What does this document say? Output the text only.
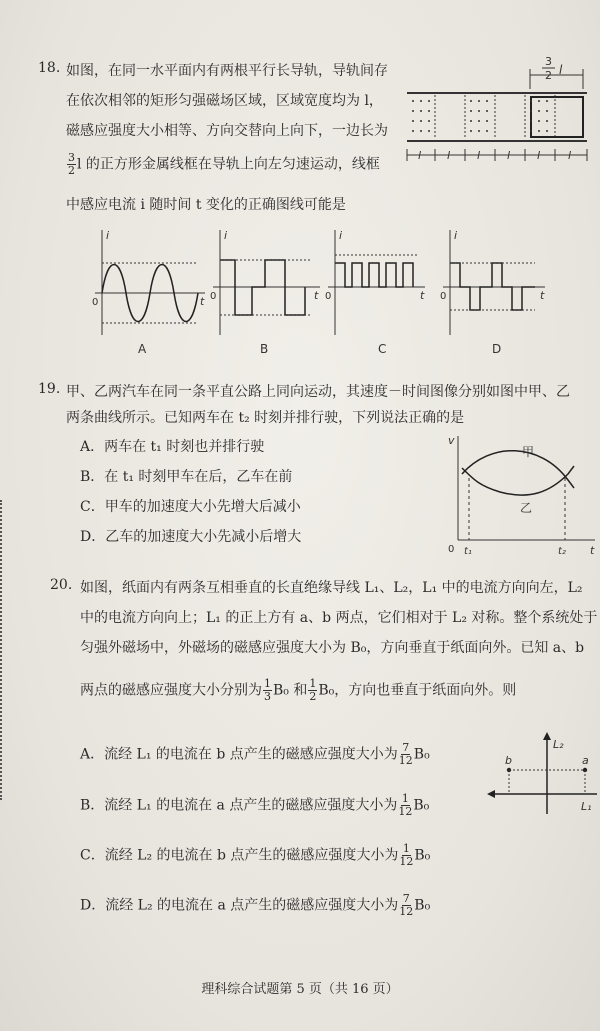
18. 如图，在同一水平面内有两根平行长导轨，导轨间存
在依次相邻的矩形匀强磁场区域，区域宽度均为 l，
磁感应强度大小相等、方向交替向上向下，一边长为
$\frac{3}{2}$ l 的正方形金属线框在导轨上向左匀速运动，线框
中感应电流 i 随时间 t 变化的正确图线可能是
3
2 l
l l l l l	l
i
0	t
A
i
0	t
B
i
0	t
C
i
0	t
D
19. 甲、乙两汽车在同一条平直公路上同向运动，其速度－时间图像分别如图中甲、乙
两条曲线所示。已知两车在 t₂ 时刻并排行驶，下列说法正确的是
A．两车在 t₁ 时刻也并排行驶
B．在 t₁ 时刻甲车在后，乙车在前
C．甲车的加速度大小先增大后减小
D．乙车的加速度大小先减小后增大
v
t
0 t₁	t₂
甲
乙
20. 如图，纸面内有两条互相垂直的长直绝缘导线 L₁、L₂，L₁ 中的电流方向向左，L₂
中的电流方向向上；L₁ 的正上方有 a、b 两点，它们相对于 L₂ 对称。整个系统处于
匀强外磁场中，外磁场的磁感应强度大小为 B₀，方向垂直于纸面向外。已知 a、b
两点的磁感应强度大小分别为 $\frac{1}{3} B_0$ 和 $\frac{1}{2} B_0$，方向也垂直于纸面向外。则
A．流经 L₁ 的电流在 b 点产生的磁感应强度大小为 $\frac{7}{12} B_0$
B．流经 L₁ 的电流在 a 点产生的磁感应强度大小为 $\frac{1}{12} B_0$
C．流经 L₂ 的电流在 b 点产生的磁感应强度大小为 $\frac{1}{12} B_0$
D．流经 L₂ 的电流在 a 点产生的磁感应强度大小为 $\frac{7}{12} B_0$
L₂
L₁
b	a
理科综合试题第 5 页（共 16 页）
